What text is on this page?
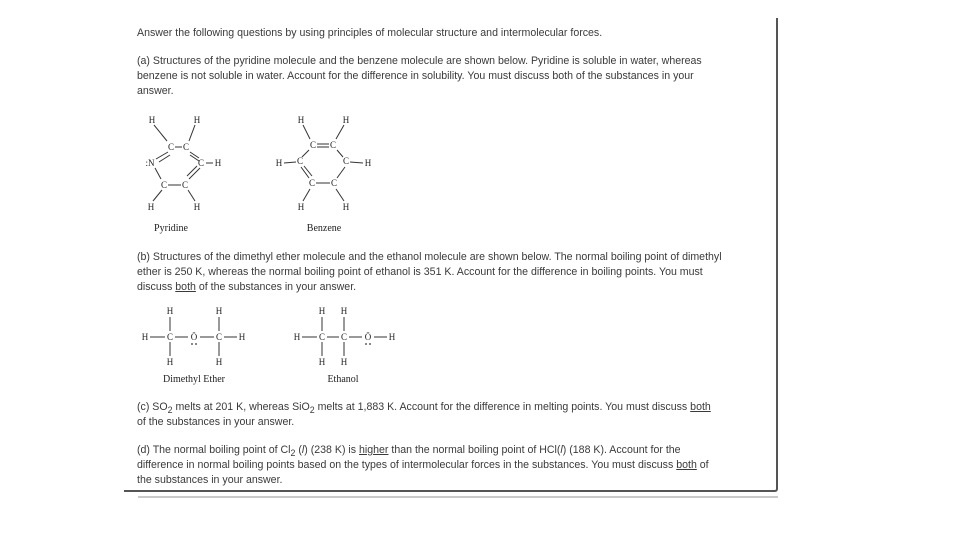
Answer the following questions by using principles of molecular structure and intermolecular forces.
(a) Structures of the pyridine molecule and the benzene molecule are shown below. Pyridine is soluble in water, whereas
benzene is not soluble in water. Account for the difference in solubility. You must discuss both of the substances in your
answer.
H	H
C C
:N	C H
C C
H	H
Pyridine
H	H
C C
H C	C H
C C
H	H
Benzene
(b) Structures of the dimethyl ether molecule and the ethanol molecule are shown below. The normal boiling point of dimethyl
ether is 250 K, whereas the normal boiling point of ethanol is 351 K. Account for the difference in boiling points. You must
discuss both of the substances in your answer.
H	H
H C Ö C H
H	H
Dimethyl Ether
H H
H C C Ö H
H H
Ethanol
(c) $SO_2$ melts at 201 K, whereas SiO$_2$ melts at 1,883 K. Account for the difference in melting points. You must discuss both
of the substances in your answer.
(d) The normal boiling point of $Cl_2$ (l) (238 K) is higher than the normal boiling point of HCl(l) (188 K). Account for the
difference in normal boiling points based on the types of intermolecular forces in the substances. You must discuss both of
the substances in your answer.
